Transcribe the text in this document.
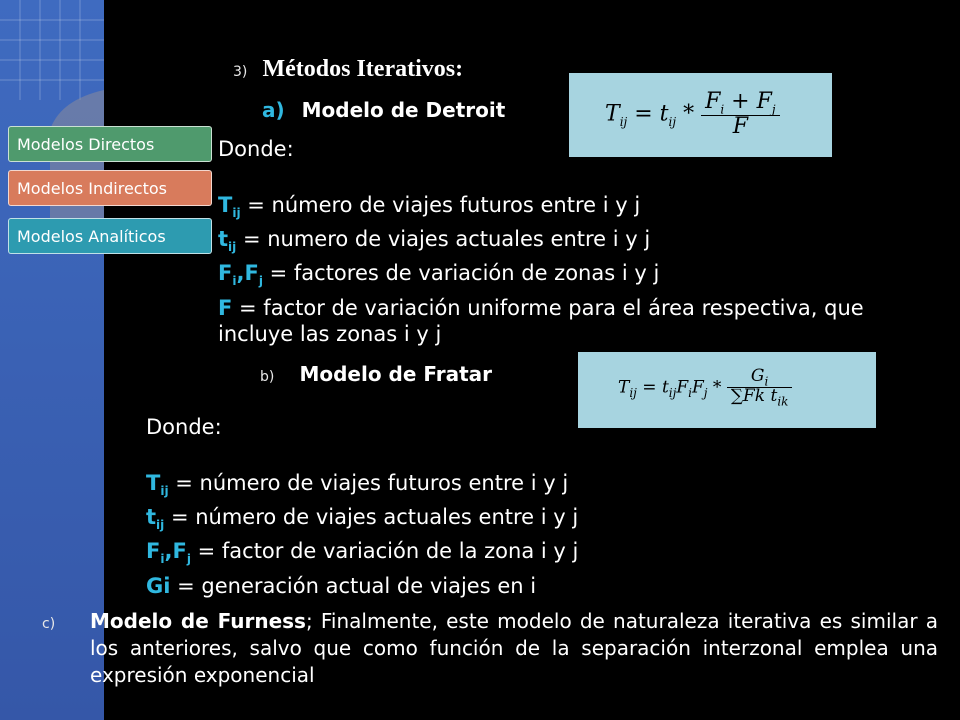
Modelos Directos
Modelos Indirectos
Modelos Analíticos
3) Métodos Iterativos:
a) Modelo de Detroit	$T_{ij} = t_{ij} * \frac{F_i + F_j}{F}$
Donde:
$T_{ij}$ = número de viajes futuros entre i y j
$t_{ij}$ = numero de viajes actuales entre i y j
$F_i,F_j$ = factores de variación de zonas i y j
F = factor de variación uniforme para el área respectiva, que
incluye las zonas i y j
b) Modelo de Fratar
$T_{ij} = t_{ij}F_iF_j * \frac{G_i}{\sum Fk t_{ik}}$
Donde:
$T_{ij}$ = número de viajes futuros entre i y j
$t_{ij}$ = número de viajes actuales entre i y j
$F_i,F_j$ = factor de variación de la zona i y j
Gi = generación actual de viajes en i
c) Modelo de Furness; Finalmente, este modelo de naturaleza iterativa es similar a los anteriores, salvo que como función de la separación interzonal emplea una expresión exponencial
